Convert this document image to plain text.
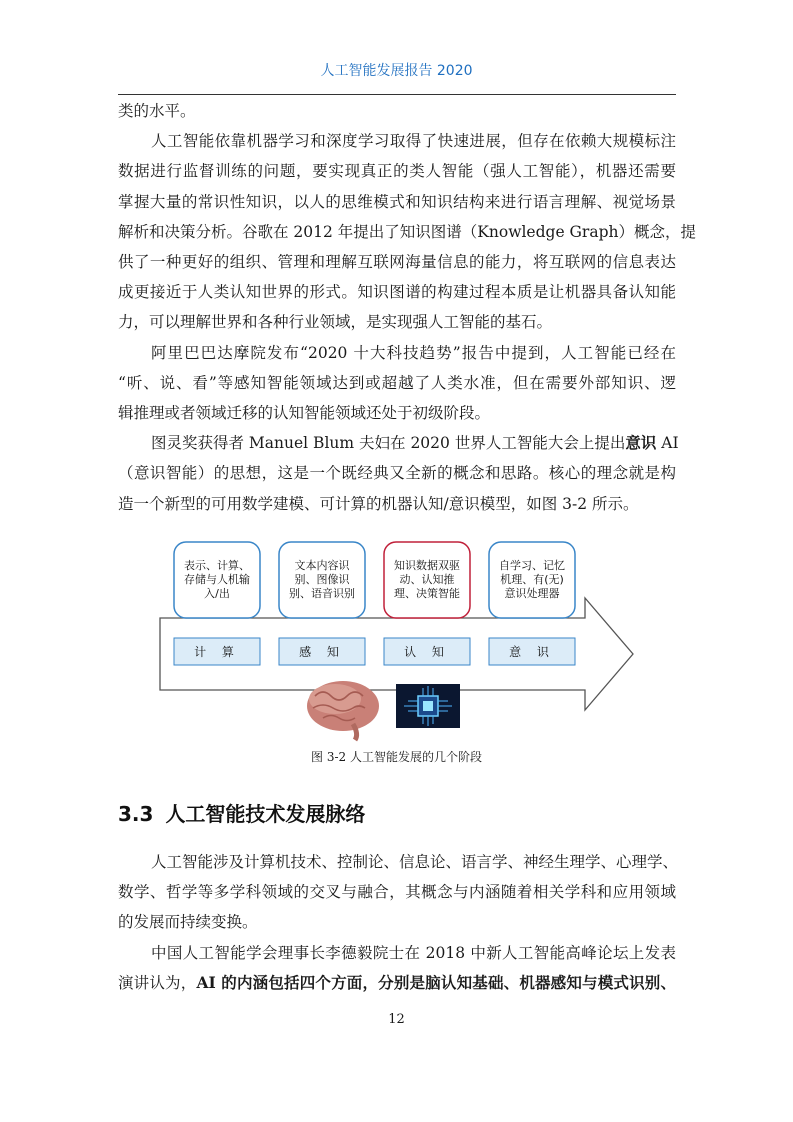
人工智能发展报告 2020
类的水平。
人工智能依靠机器学习和深度学习取得了快速进展，但存在依赖大规模标注
数据进行监督训练的问题，要实现真正的类人智能（强人工智能），机器还需要
掌握大量的常识性知识，以人的思维模式和知识结构来进行语言理解、视觉场景
解析和决策分析。谷歌在 2012 年提出了知识图谱（Knowledge Graph）概念，提
供了一种更好的组织、管理和理解互联网海量信息的能力，将互联网的信息表达
成更接近于人类认知世界的形式。知识图谱的构建过程本质是让机器具备认知能
力，可以理解世界和各种行业领域，是实现强人工智能的基石。
阿里巴巴达摩院发布“2020 十大科技趋势”报告中提到，人工智能已经在
“听、说、看”等感知智能领域达到或超越了人类水准，但在需要外部知识、逻
辑推理或者领域迁移的认知智能领域还处于初级阶段。
图灵奖获得者 Manuel Blum 夫妇在 2020 世界人工智能大会上提出意识 AI
（意识智能）的思想，这是一个既经典又全新的概念和思路。核心的理念就是构
造一个新型的可用数学建模、可计算的机器认知/意识模型，如图 3-2 所示。
表示、计算、存储与人机输入/出
文本内容识别、图像识别、语音识别
知识数据双驱动、认知推理、决策智能
自学习、记忆机理、有(无)意识处理器
计 算	感 知	认 知	意 识
图 3-2 人工智能发展的几个阶段
3.3 人工智能技术发展脉络
人工智能涉及计算机技术、控制论、信息论、语言学、神经生理学、心理学、
数学、哲学等多学科领域的交叉与融合，其概念与内涵随着相关学科和应用领域
的发展而持续变换。
中国人工智能学会理事长李德毅院士在 2018 中新人工智能高峰论坛上发表
演讲认为，AI 的内涵包括四个方面，分别是脑认知基础、机器感知与模式识别、
12
